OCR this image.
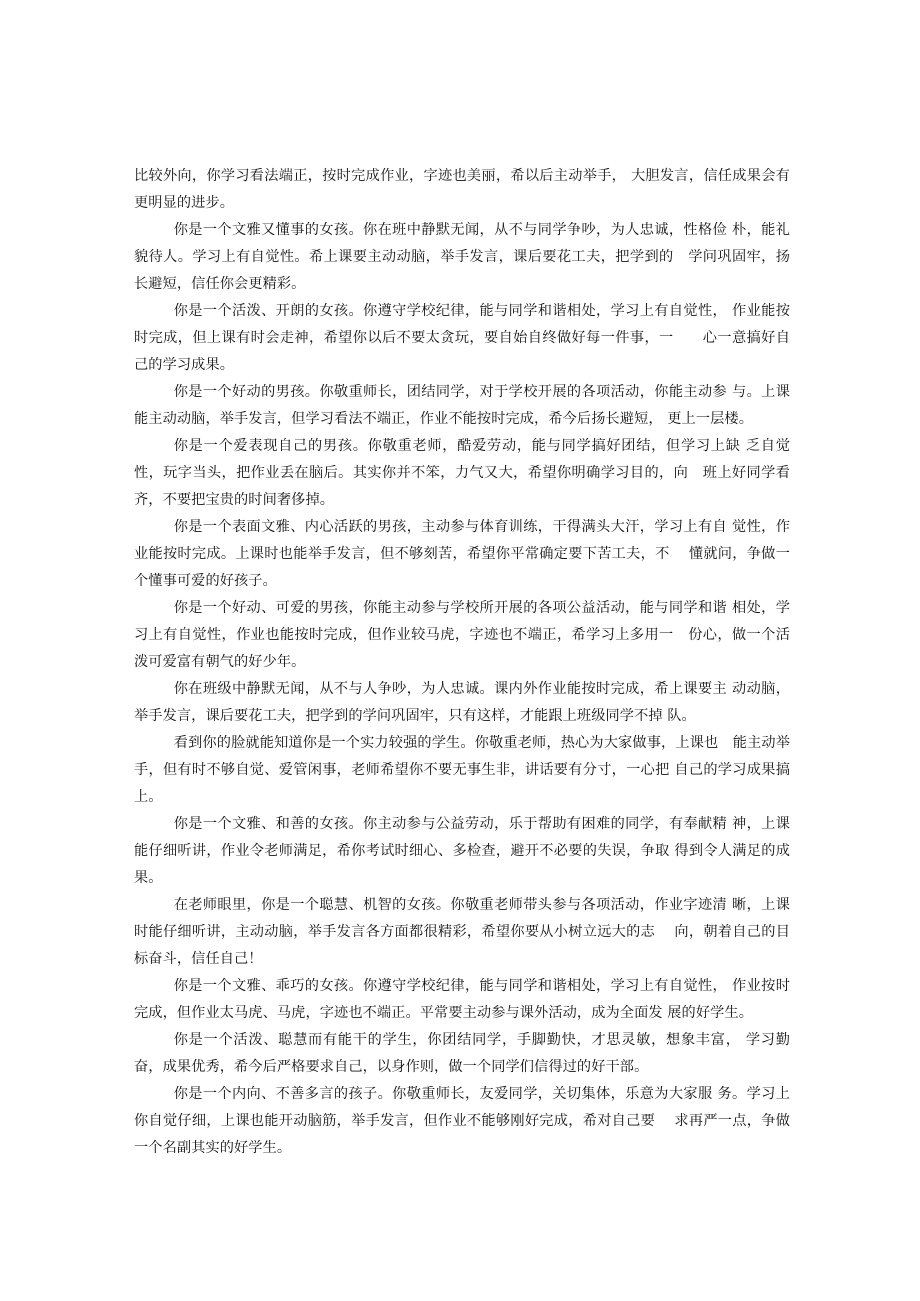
比较外向，你学习看法端正，按时完成作业，字迹也美丽，希以后主动举手， 大胆发言，信任成果会有更明显的进步。

你是一个文雅又懂事的女孩。你在班中静默无闻，从不与同学争吵，为人忠诚，性格俭 朴，能礼貌待人。学习上有自觉性。希上课要主动动脑，举手发言，课后要花工夫，把学到的　学问巩固牢，扬长避短，信任你会更精彩。

你是一个活泼、开朗的女孩。你遵守学校纪律，能与同学和谐相处，学习上有自觉性， 作业能按时完成，但上课有时会走神，希望你以后不要太贪玩，要自始自终做好每一件事，一　　心一意搞好自己的学习成果。

你是一个好动的男孩。你敬重师长，团结同学，对于学校开展的各项活动，你能主动参 与。上课能主动动脑，举手发言，但学习看法不端正，作业不能按时完成，希今后扬长避短， 更上一层楼。

你是一个爱表现自己的男孩。你敬重老师，酷爱劳动，能与同学搞好团结，但学习上缺 乏自觉性，玩字当头，把作业丢在脑后。其实你并不笨，力气又大，希望你明确学习目的，向　班上好同学看齐，不要把宝贵的时间奢侈掉。

你是一个表面文雅、内心活跃的男孩，主动参与体育训练，干得满头大汗，学习上有自 觉性，作业能按时完成。上课时也能举手发言，但不够刻苦，希望你平常确定要下苦工夫，不　 懂就问，争做一个懂事可爱的好孩子。

你是一个好动、可爱的男孩，你能主动参与学校所开展的各项公益活动，能与同学和谐 相处，学习上有自觉性，作业也能按时完成，但作业较马虎，字迹也不端正，希学习上多用一　份心，做一个活泼可爱富有朝气的好少年。

你在班级中静默无闻，从不与人争吵，为人忠诚。课内外作业能按时完成，希上课要主 动动脑，举手发言，课后要花工夫，把学到的学问巩固牢，只有这样，才能跟上班级同学不掉 队。

看到你的脸就能知道你是一个实力较强的学生。你敬重老师，热心为大家做事，上课也　能主动举手，但有时不够自觉、爱管闲事，老师希望你不要无事生非，讲话要有分寸，一心把 自己的学习成果搞上。

你是一个文雅、和善的女孩。你主动参与公益劳动，乐于帮助有困难的同学，有奉献精 神，上课能仔细听讲，作业令老师满足，希你考试时细心、多检查，避开不必要的失误，争取 得到令人满足的成果。

在老师眼里，你是一个聪慧、机智的女孩。你敬重老师带头参与各项活动，作业字迹清 晰，上课时能仔细听讲，主动动脑，举手发言各方面都很精彩，希望你要从小树立远大的志　 向，朝着自己的目标奋斗，信任自己！

你是一个文雅、乖巧的女孩。你遵守学校纪律，能与同学和谐相处，学习上有自觉性， 作业按时完成，但作业太马虎、马虎，字迹也不端正。平常要主动参与课外活动，成为全面发 展的好学生。

你是一个活泼、聪慧而有能干的学生，你团结同学，手脚勤快，才思灵敏，想象丰富， 学习勤奋，成果优秀，希今后严格要求自己，以身作则，做一个同学们信得过的好干部。

你是一个内向、不善多言的孩子。你敬重师长，友爱同学，关切集体，乐意为大家服 务。学习上你自觉仔细，上课也能开动脑筋，举手发言，但作业不能够刚好完成，希对自己要　 求再严一点，争做一个名副其实的好学生。
